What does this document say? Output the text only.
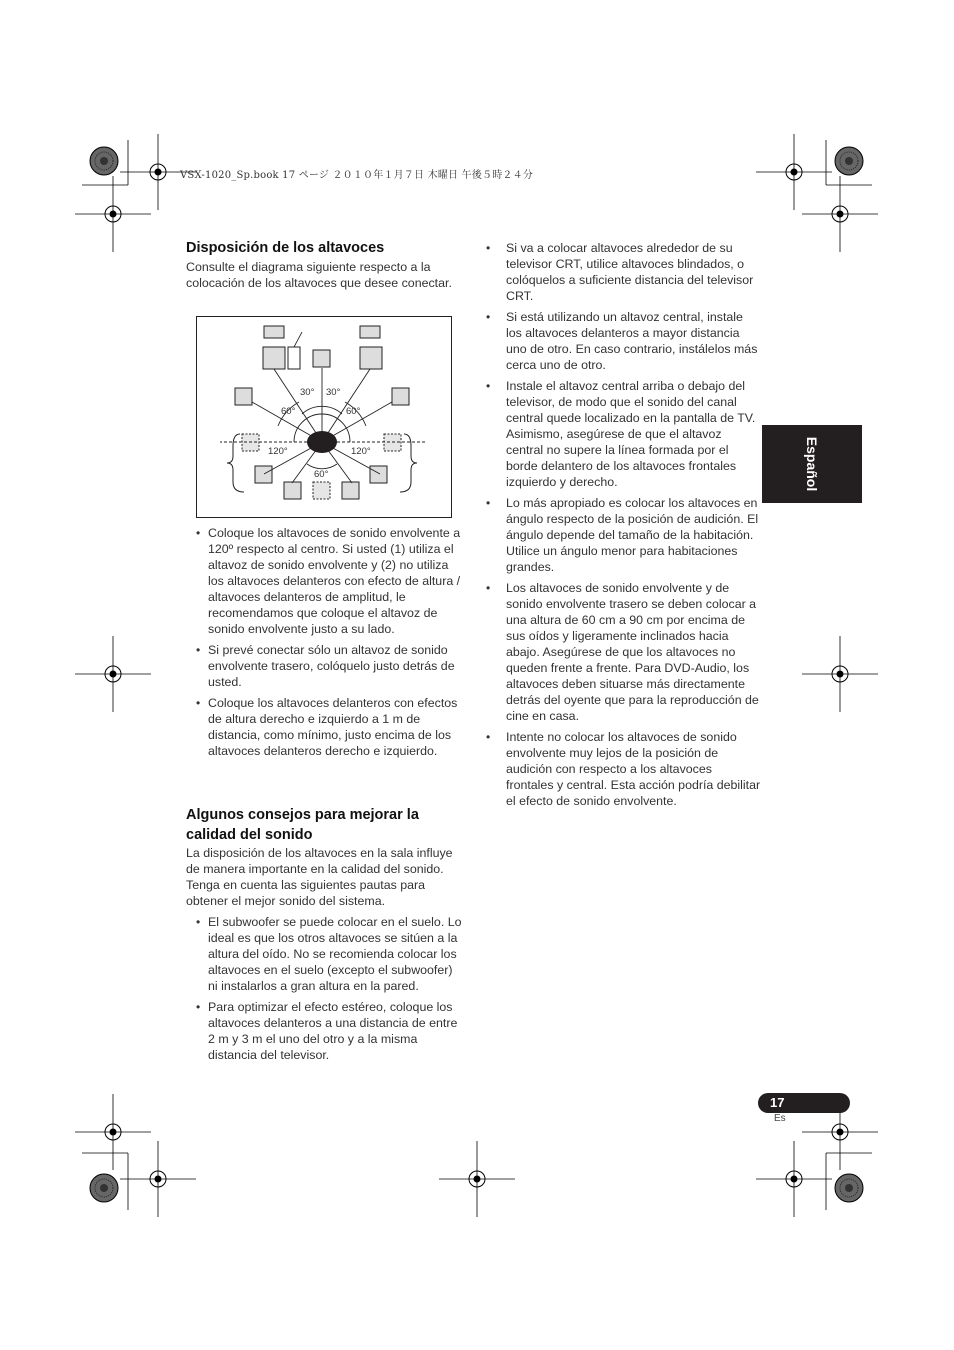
VSX-1020_Sp.book 17 ページ ２０１０年１月７日 木曜日 午後５時２４分
Disposición de los altavoces

Consulte el diagrama siguiente respecto a la colocación de los altavoces que desee conectar.

30° 30°
60°	60°
120°	120°
60°
• Coloque los altavoces de sonido envolvente a 120º respecto al centro. Si usted (1) utiliza el altavoz de sonido envolvente y (2) no utiliza los altavoces delanteros con efecto de altura / altavoces delanteros de amplitud, le recomendamos que coloque el altavoz de sonido envolvente justo a su lado.
• Si prevé conectar sólo un altavoz de sonido envolvente trasero, colóquelo justo detrás de usted.
• Coloque los altavoces delanteros con efectos de altura derecho e izquierdo a 1 m de distancia, como mínimo, justo encima de los altavoces delanteros derecho e izquierdo.
Algunos consejos para mejorar la calidad del sonido

La disposición de los altavoces en la sala influye de manera importante en la calidad del sonido. Tenga en cuenta las siguientes pautas para obtener el mejor sonido del sistema.

• El subwoofer se puede colocar en el suelo. Lo ideal es que los otros altavoces se sitúen a la altura del oído. No se recomienda colocar los altavoces en el suelo (excepto el subwoofer) ni instalarlos a gran altura en la pared.
• Para optimizar el efecto estéreo, coloque los altavoces delanteros a una distancia de entre 2 m y 3 m el uno del otro y a la misma distancia del televisor.
• Si va a colocar altavoces alrededor de su televisor CRT, utilice altavoces blindados, o colóquelos a suficiente distancia del televisor CRT.
• Si está utilizando un altavoz central, instale los altavoces delanteros a mayor distancia uno de otro. En caso contrario, instálelos más cerca uno de otro.
• Instale el altavoz central arriba o debajo del televisor, de modo que el sonido del canal central quede localizado en la pantalla de TV. Asimismo, asegúrese de que el altavoz central no supere la línea formada por el borde delantero de los altavoces frontales izquierdo y derecho.
• Lo más apropiado es colocar los altavoces en ángulo respecto de la posición de audición. El ángulo depende del tamaño de la habitación. Utilice un ángulo menor para habitaciones grandes.
• Los altavoces de sonido envolvente y de sonido envolvente trasero se deben colocar a una altura de 60 cm a 90 cm por encima de sus oídos y ligeramente inclinados hacia abajo. Asegúrese de que los altavoces no queden frente a frente. Para DVD-Audio, los altavoces deben situarse más directamente detrás del oyente que para la reproducción de cine en casa.
• Intente no colocar los altavoces de sonido envolvente muy lejos de la posición de audición con respecto a los altavoces frontales y central. Esta acción podría debilitar el efecto de sonido envolvente.
Español
17
Es
